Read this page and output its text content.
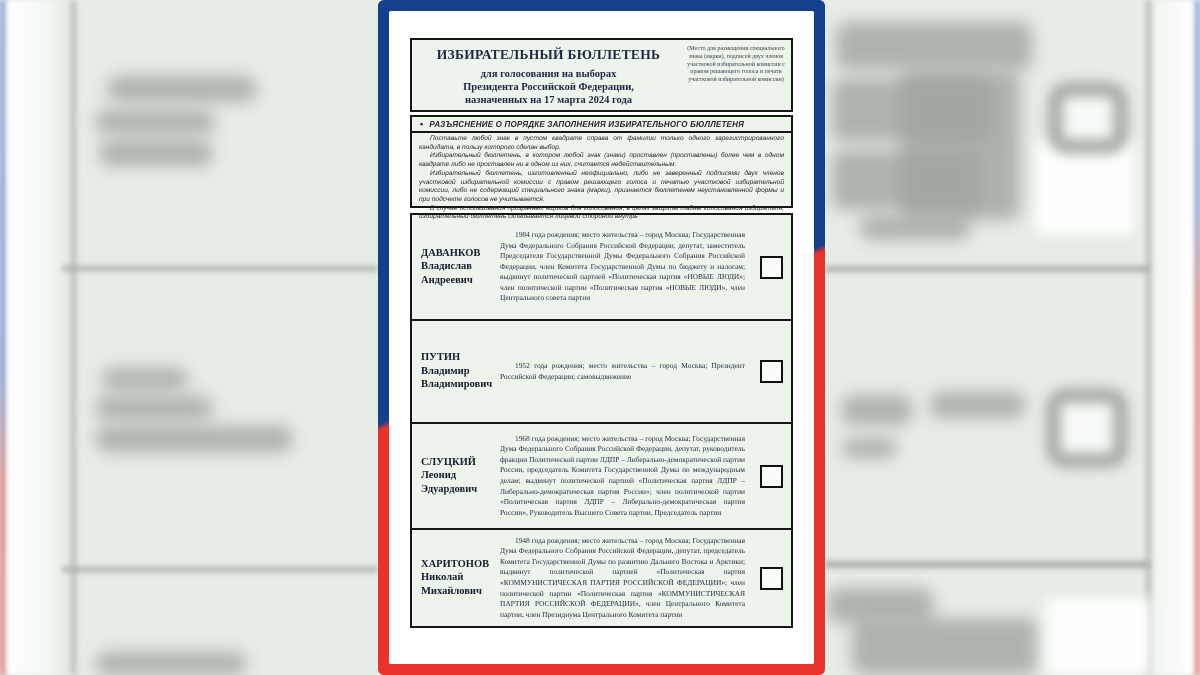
ИЗБИРАТЕЛЬНЫЙ БЮЛЛЕТЕНЬ
для голосования на выборах
Президента Российской Федерации,
назначенных на 17 марта 2024 года
(Место для размещения специального знака (марки), подписей двух членов участковой избирательной комиссии с правом решающего голоса и печати участковой избирательной комиссии)
• РАЗЪЯСНЕНИЕ О ПОРЯДКЕ ЗАПОЛНЕНИЯ ИЗБИРАТЕЛЬНОГО БЮЛЛЕТЕНЯ

Поставьте любой знак в пустом квадрате справа от фамилии только одного зарегистрированного кандидата, в пользу которого сделан выбор.

Избирательный бюллетень, в котором любой знак (знаки) проставлен (проставлены) более чем в одном квадрате либо не проставлен ни в одном из них, считается недействительным.

Избирательный бюллетень, изготовленный неофициально, либо не заверенный подписями двух членов участковой избирательной комиссии с правом решающего голоса и печатью участковой избирательной комиссии, либо не содержащий специального знака (марки), признается бюллетенем неустановленной формы и при подсчете голосов не учитывается.

В случае использования прозрачных ящиков для голосования, в целях защиты тайны голосования избирателя, избирательный бюллетень складывается лицевой стороной внутрь

ДАВАНКОВ
Владислав
Андреевич
1984 года рождения; место жительства – город Москва; Государственная Дума Федерального Собрания Российской Федерации, депутат, заместитель Председателя Государственной Думы Федерального Собрания Российской Федерации, член Комитета Государственной Думы по бюджету и налогам; выдвинут политической партией «Политическая партия «НОВЫЕ ЛЮДИ»; член политической партии «Политическая партия «НОВЫЕ ЛЮДИ», член Центрального совета партии
ПУТИН
Владимир
Владимирович
1952 года рождения; место жительства – город Москва; Президент Российской Федерации; самовыдвижение
СЛУЦКИЙ
Леонид
Эдуардович
1968 года рождения; место жительства – город Москва; Государственная Дума Федерального Собрания Российской Федерации, депутат, руководитель фракции Политической партии ЛДПР – Либерально-демократической партии России, председатель Комитета Государственной Думы по международным делам; выдвинут политической партией «Политическая партия ЛДПР – Либерально-демократическая партия России»; член политической партии «Политическая партия ЛДПР – Либерально-демократическая партия России», Руководитель Высшего Совета партии, Председатель партии
ХАРИТОНОВ
Николай
Михайлович
1948 года рождения; место жительства – город Москва; Государственная Дума Федерального Собрания Российской Федерации, депутат, председатель Комитета Государственной Думы по развитию Дальнего Востока и Арктики; выдвинут политической партией «Политическая партия «КОММУНИСТИЧЕСКАЯ ПАРТИЯ РОССИЙСКОЙ ФЕДЕРАЦИИ»; член политической партии «Политическая партия «КОММУНИСТИЧЕСКАЯ ПАРТИЯ РОССИЙСКОЙ ФЕДЕРАЦИИ», член Центрального Комитета партии, член Президиума Центрального Комитета партии
